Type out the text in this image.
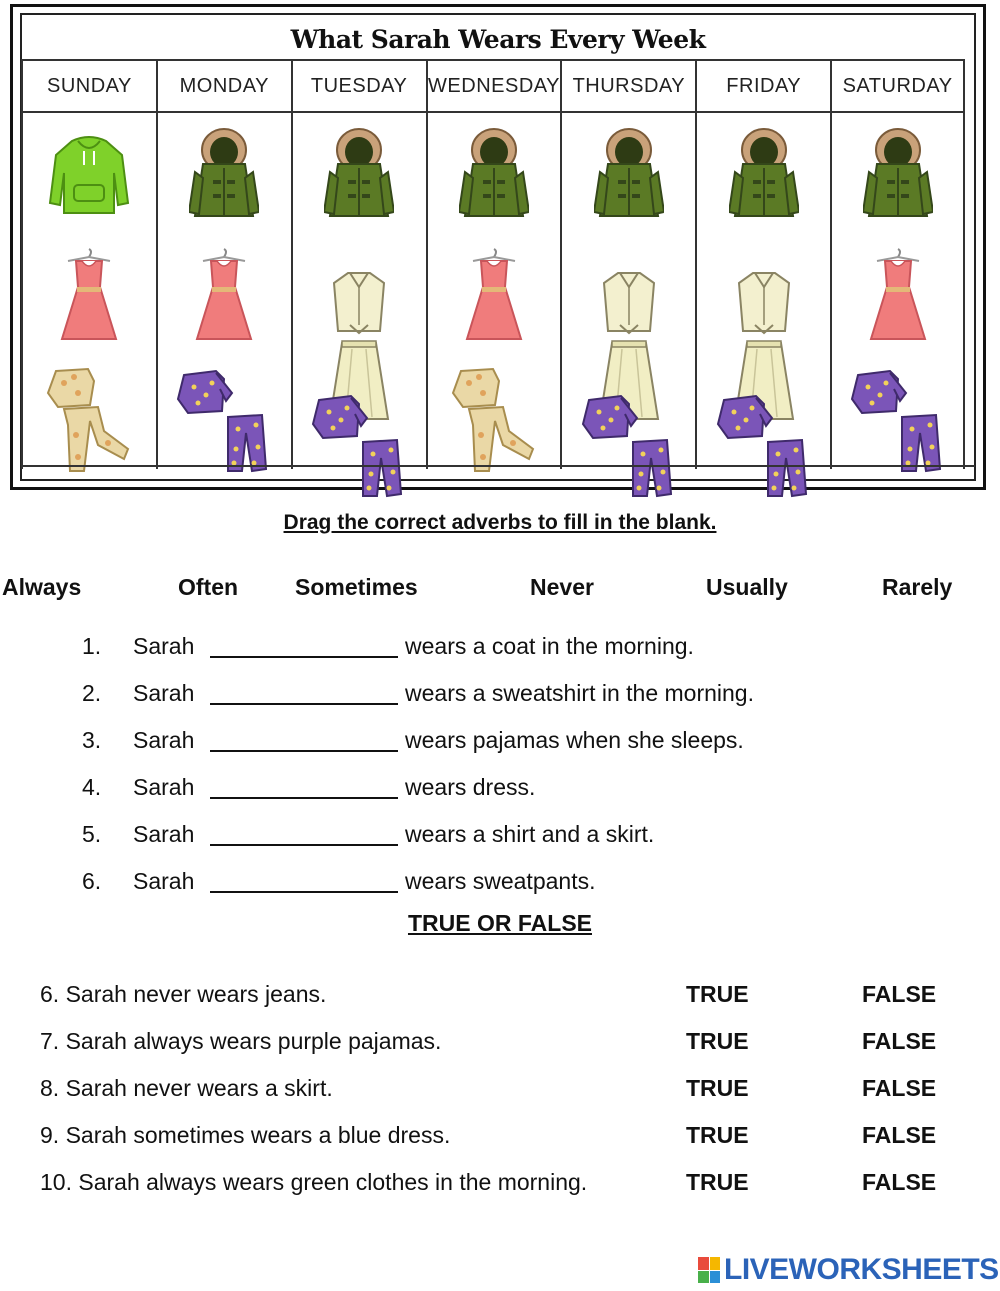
What Sarah Wears Every Week
SUNDAY	MONDAY	TUESDAY	WEDNESDAY THURSDAY	FRIDAY	SATURDAY
Drag the correct adverbs to fill in the blank.
Always	Often Sometimes	Never	Usually	Rarely
1. Sarah	wears a coat in the morning.
2. Sarah	wears a sweatshirt in the morning.
3. Sarah	wears pajamas when she sleeps.
4. Sarah	wears dress.
5. Sarah	wears a shirt and a skirt.
6. Sarah	wears sweatpants.
TRUE OR FALSE
6. Sarah never wears jeans.	TRUE	FALSE
7. Sarah always wears purple pajamas.	TRUE	FALSE
8. Sarah never wears a skirt.	TRUE	FALSE
9. Sarah sometimes wears a blue dress.	TRUE	FALSE
10. Sarah always wears green clothes in the morning.	TRUE	FALSE
LIVEWORKSHEETS
